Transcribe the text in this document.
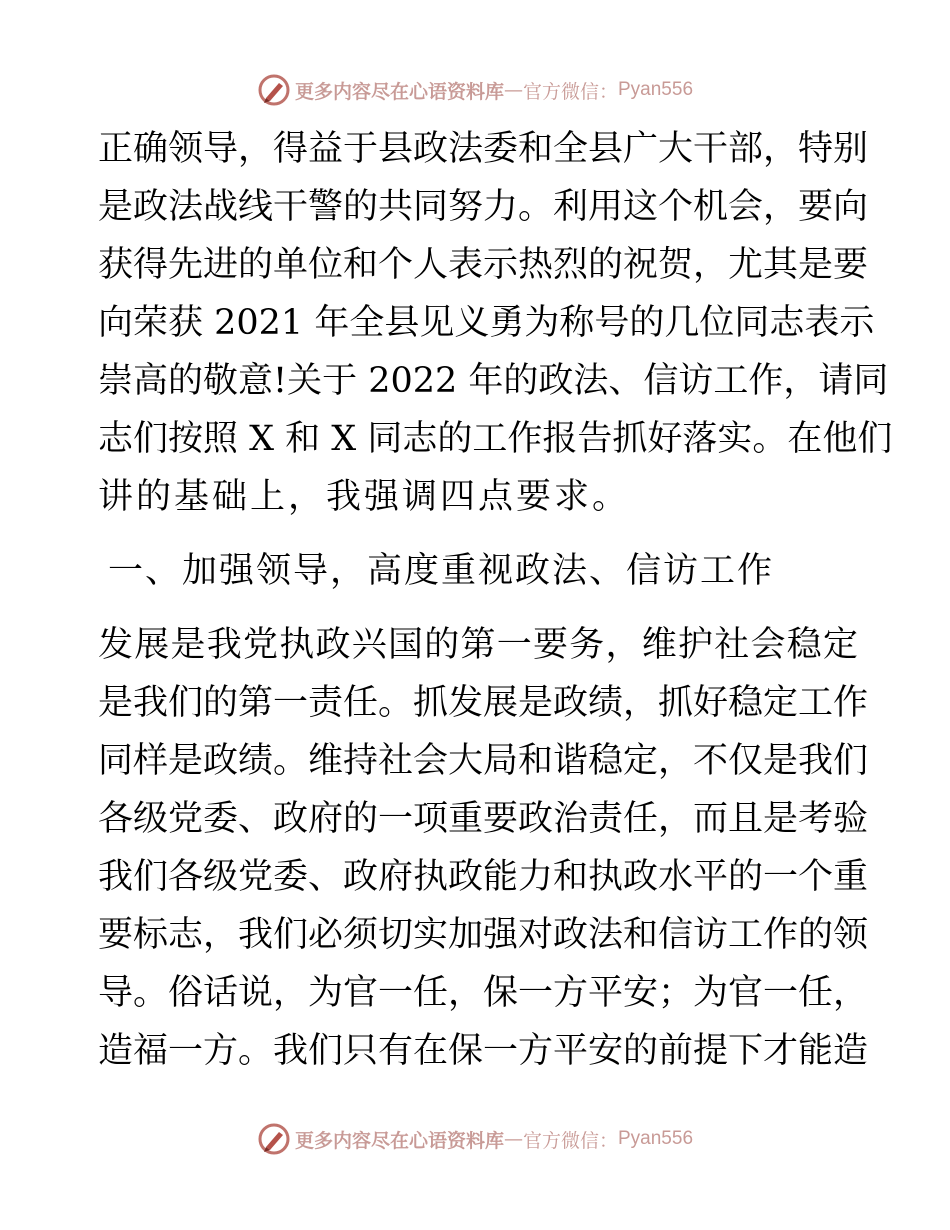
更多内容尽在心语资料库 — 官方微信： Pyan556
正确领导，得益于县政法委和全县广大干部，特别
是政法战线干警的共同努力。利用这个机会，要向
获得先进的单位和个人表示热烈的祝贺，尤其是要
向荣获 2021 年全县见义勇为称号的几位同志表示
崇高的敬意!关于 2022 年的政法、信访工作，请同
志们按照 X 和 X 同志的工作报告抓好落实。在他们
讲的基础上，我强调四点要求。
一、加强领导，高度重视政法、信访工作
发展是我党执政兴国的第一要务，维护社会稳定
是我们的第一责任。抓发展是政绩，抓好稳定工作
同样是政绩。维持社会大局和谐稳定，不仅是我们
各级党委、政府的一项重要政治责任，而且是考验
我们各级党委、政府执政能力和执政水平的一个重
要标志，我们必须切实加强对政法和信访工作的领
导。俗话说，为官一任，保一方平安；为官一任，
造福一方。我们只有在保一方平安的前提下才能造
更多内容尽在心语资料库 — 官方微信： Pyan556
